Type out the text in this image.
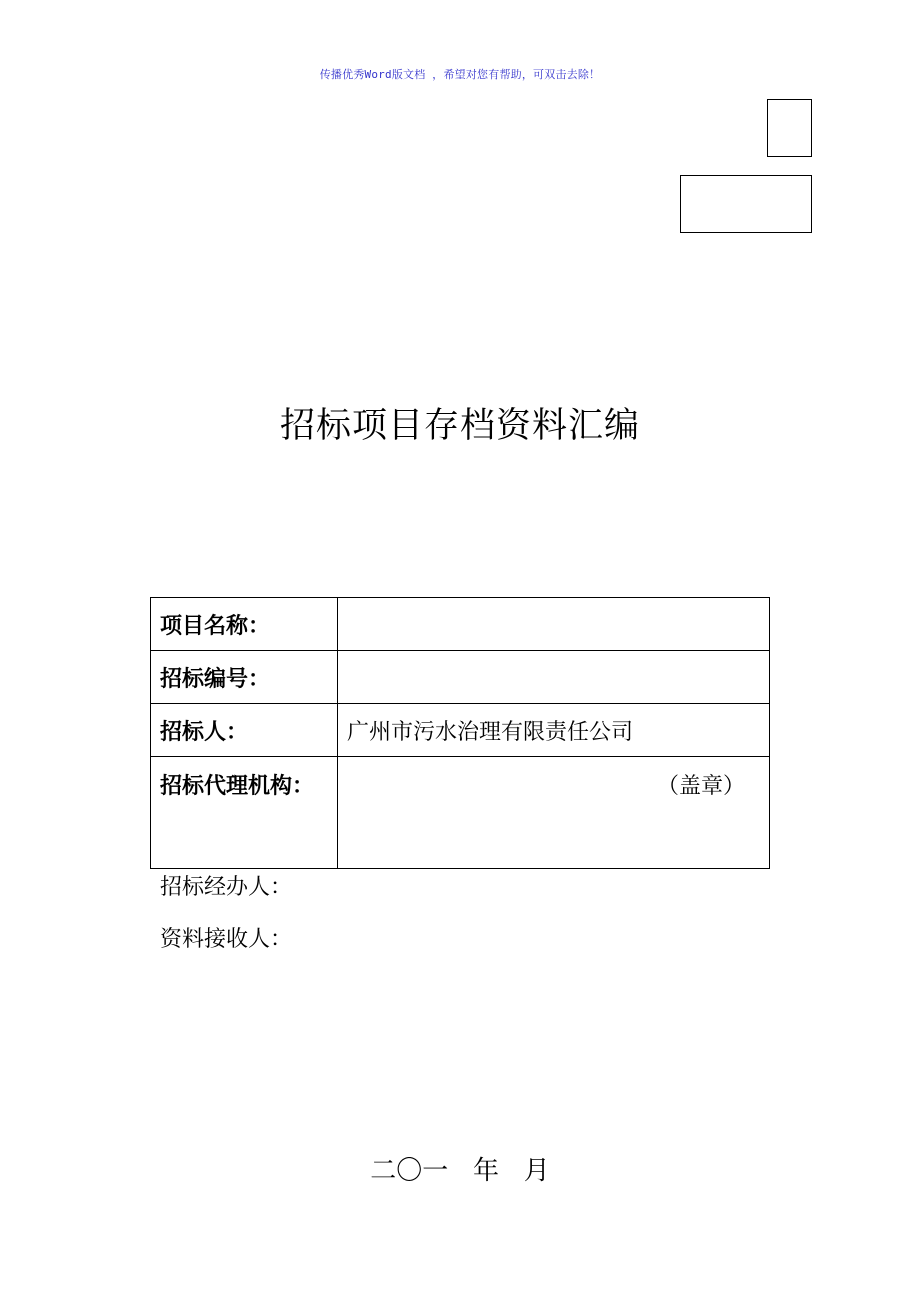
传播优秀Word版文档 ，希望对您有帮助，可双击去除！
招标项目存档资料汇编
项目名称：	
招标编号：	
招标人：	广州市污水治理有限责任公司
招标代理机构：	（盖章）
招标经办人：
资料接收人：
二〇一   年   月
